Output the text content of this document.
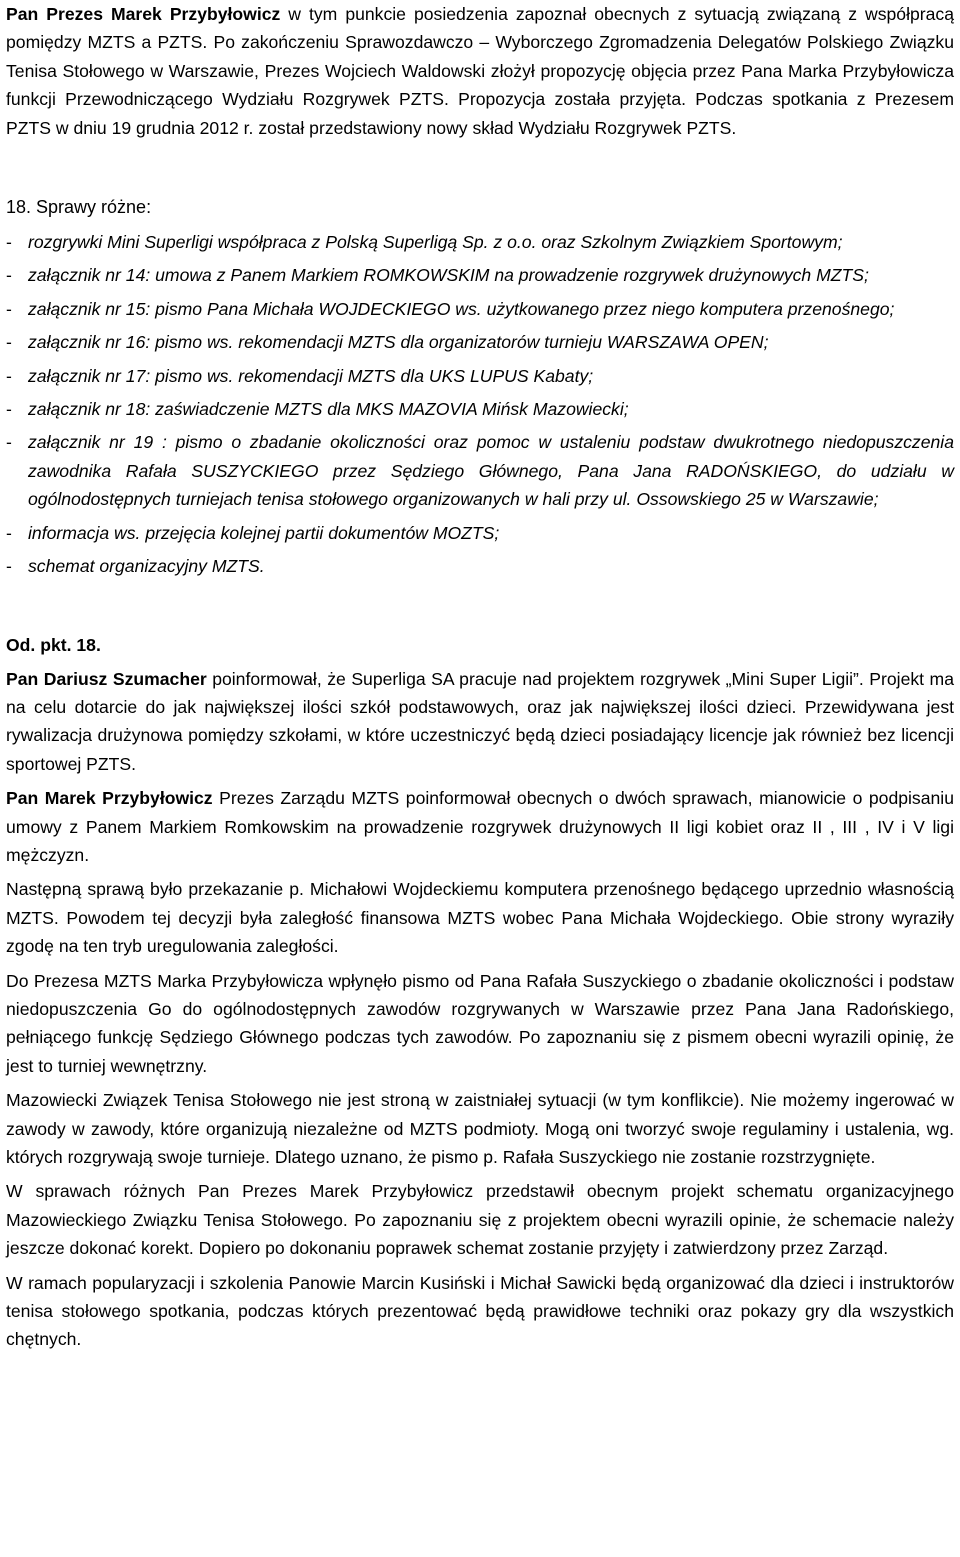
Pan Prezes Marek Przybyłowicz w tym punkcie posiedzenia zapoznał obecnych z sytuacją związaną z współpracą pomiędzy MZTS a PZTS. Po zakończeniu Sprawozdawczo – Wyborczego Zgromadzenia Delegatów Polskiego Związku Tenisa Stołowego w Warszawie, Prezes Wojciech Waldowski złożył propozycję objęcia przez Pana Marka Przybyłowicza funkcji Przewodniczącego Wydziału Rozgrywek PZTS. Propozycja została przyjęta. Podczas spotkania z Prezesem PZTS w dniu 19 grudnia 2012 r. został przedstawiony nowy skład Wydziału Rozgrywek PZTS.

18. Sprawy różne:
- rozgrywki Mini Superligi współpraca z Polską Superligą Sp. z o.o. oraz Szkolnym Związkiem Sportowym;
- załącznik nr 14: umowa z Panem Markiem ROMKOWSKIM na prowadzenie rozgrywek drużynowych MZTS;
- załącznik nr 15: pismo Pana Michała WOJDECKIEGO ws. użytkowanego przez niego komputera przenośnego;
- załącznik nr 16: pismo ws. rekomendacji MZTS dla organizatorów turnieju WARSZAWA OPEN;
- załącznik nr 17: pismo ws. rekomendacji MZTS dla UKS LUPUS Kabaty;
- załącznik nr 18: zaświadczenie MZTS dla MKS MAZOVIA Mińsk Mazowiecki;
- załącznik nr 19 : pismo o zbadanie okoliczności oraz pomoc w ustaleniu podstaw dwukrotnego niedopuszczenia zawodnika Rafała SUSZYCKIEGO przez Sędziego Głównego, Pana Jana RADOŃSKIEGO, do udziału w ogólnodostępnych turniejach tenisa stołowego organizowanych w hali przy ul. Ossowskiego 25 w Warszawie;
- informacja ws. przejęcia kolejnej partii dokumentów MOZTS;
- schemat organizacyjny MZTS.
Od. pkt. 18.

Pan Dariusz Szumacher poinformował, że Superliga SA pracuje nad projektem rozgrywek „Mini Super Ligii”. Projekt ma na celu dotarcie do jak największej ilości szkół podstawowych, oraz jak największej ilości dzieci. Przewidywana jest rywalizacja drużynowa pomiędzy szkołami, w które uczestniczyć będą dzieci posiadający licencje jak również bez licencji sportowej PZTS.

Pan Marek Przybyłowicz Prezes Zarządu MZTS poinformował obecnych o dwóch sprawach, mianowicie o podpisaniu umowy z Panem Markiem Romkowskim na prowadzenie rozgrywek drużynowych II ligi kobiet oraz II , III , IV i V ligi mężczyzn.

Następną sprawą było przekazanie p. Michałowi Wojdeckiemu komputera przenośnego będącego uprzednio własnością MZTS. Powodem tej decyzji była zaległość finansowa MZTS wobec Pana Michała Wojdeckiego. Obie strony wyraziły zgodę na ten tryb uregulowania zaległości.

Do Prezesa MZTS Marka Przybyłowicza wpłynęło pismo od Pana Rafała Suszyckiego o zbadanie okoliczności i podstaw niedopuszczenia Go do ogólnodostępnych zawodów rozgrywanych w Warszawie przez Pana Jana Radońskiego, pełniącego funkcję Sędziego Głównego podczas tych zawodów. Po zapoznaniu się z pismem obecni wyrazili opinię, że jest to turniej wewnętrzny.

Mazowiecki Związek Tenisa Stołowego nie jest stroną w zaistniałej sytuacji (w tym konflikcie). Nie możemy ingerować w zawody w zawody, które organizują niezależne od MZTS podmioty. Mogą oni tworzyć swoje regulaminy i ustalenia, wg. których rozgrywają swoje turnieje. Dlatego uznano, że pismo p. Rafała Suszyckiego nie zostanie rozstrzygnięte.

W sprawach różnych Pan Prezes Marek Przybyłowicz przedstawił obecnym projekt schematu organizacyjnego Mazowieckiego Związku Tenisa Stołowego. Po zapoznaniu się z projektem obecni wyrazili opinie, że schemacie należy jeszcze dokonać korekt. Dopiero po dokonaniu poprawek schemat zostanie przyjęty i zatwierdzony przez Zarząd.

W ramach popularyzacji i szkolenia Panowie Marcin Kusiński i Michał Sawicki będą organizować dla dzieci i instruktorów tenisa stołowego spotkania, podczas których prezentować będą prawidłowe techniki oraz pokazy gry dla wszystkich chętnych.
